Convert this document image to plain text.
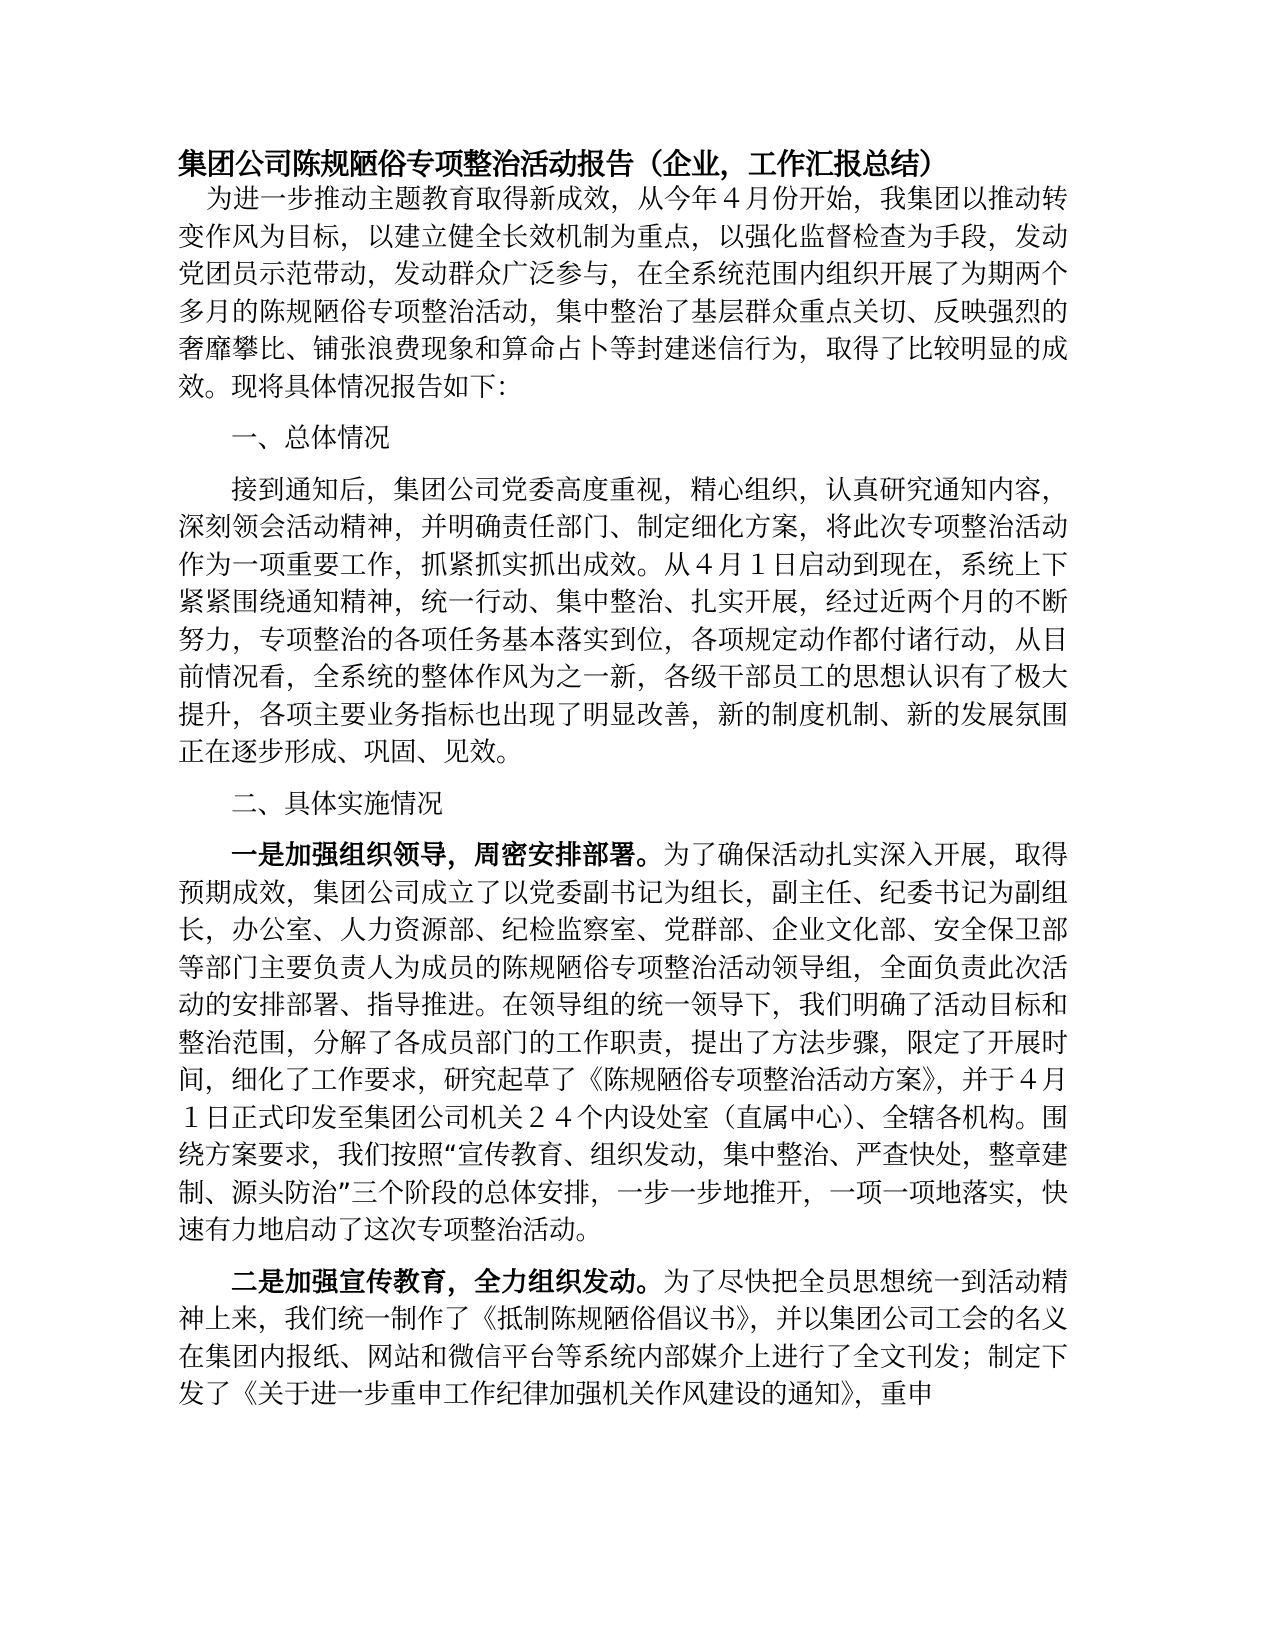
集团公司陈规陋俗专项整治活动报告（企业，工作汇报总结）

为进一步推动主题教育取得新成效，从今年４月份开始，我集团以推动转变作风为目标，以建立健全长效机制为重点，以强化监督检查为手段，发动党团员示范带动，发动群众广泛参与，在全系统范围内组织开展了为期两个多月的陈规陋俗专项整治活动，集中整治了基层群众重点关切、反映强烈的奢靡攀比、铺张浪费现象和算命占卜等封建迷信行为，取得了比较明显的成效。现将具体情况报告如下：

一、总体情况

接到通知后，集团公司党委高度重视，精心组织，认真研究通知内容，深刻领会活动精神，并明确责任部门、制定细化方案，将此次专项整治活动作为一项重要工作，抓紧抓实抓出成效。从４月１日启动到现在，系统上下紧紧围绕通知精神，统一行动、集中整治、扎实开展，经过近两个月的不断努力，专项整治的各项任务基本落实到位，各项规定动作都付诸行动，从目前情况看，全系统的整体作风为之一新，各级干部员工的思想认识有了极大提升，各项主要业务指标也出现了明显改善，新的制度机制、新的发展氛围正在逐步形成、巩固、见效。

二、具体实施情况

一是加强组织领导，周密安排部署。为了确保活动扎实深入开展，取得预期成效，集团公司成立了以党委副书记为组长，副主任、纪委书记为副组长，办公室、人力资源部、纪检监察室、党群部、企业文化部、安全保卫部等部门主要负责人为成员的陈规陋俗专项整治活动领导组，全面负责此次活动的安排部署、指导推进。在领导组的统一领导下，我们明确了活动目标和整治范围，分解了各成员部门的工作职责，提出了方法步骤，限定了开展时间，细化了工作要求，研究起草了《陈规陋俗专项整治活动方案》，并于４月１日正式印发至集团公司机关２４个内设处室（直属中心）、全辖各机构。围绕方案要求，我们按照“宣传教育、组织发动，集中整治、严查快处，整章建制、源头防治”三个阶段的总体安排，一步一步地推开，一项一项地落实，快速有力地启动了这次专项整治活动。

二是加强宣传教育，全力组织发动。为了尽快把全员思想统一到活动精神上来，我们统一制作了《抵制陈规陋俗倡议书》，并以集团公司工会的名义在集团内报纸、网站和微信平台等系统内部媒介上进行了全文刊发；制定下发了《关于进一步重申工作纪律加强机关作风建设的通知》，重申
